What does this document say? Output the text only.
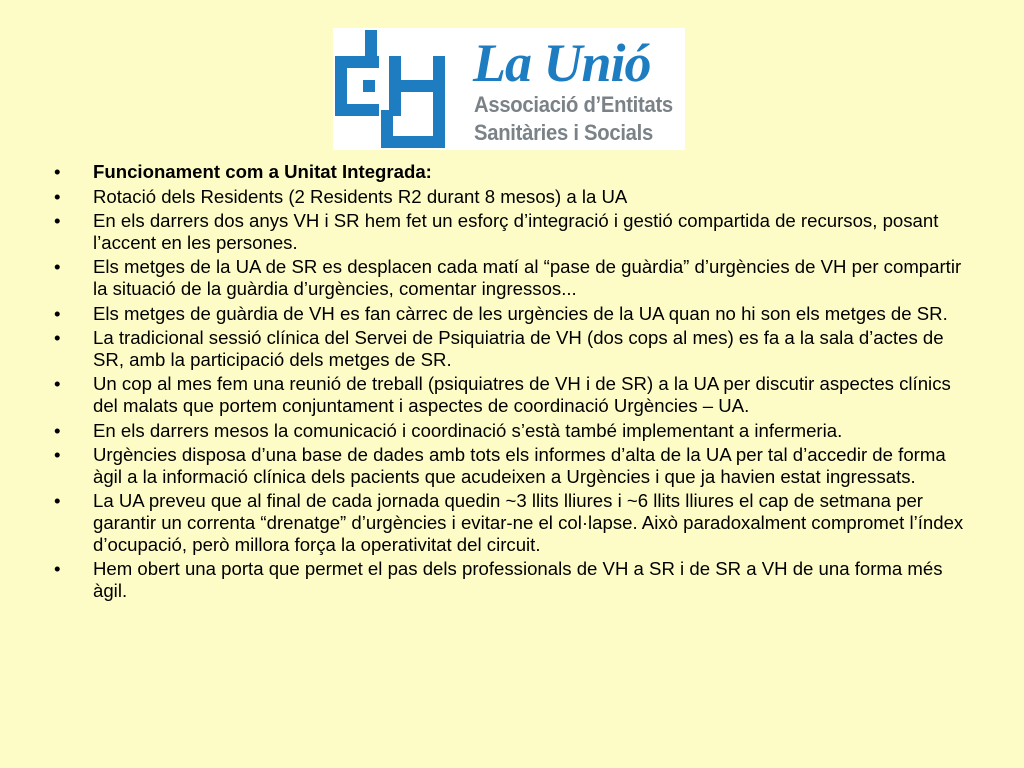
La Unió
Associació d’Entitats
Sanitàries i Socials
• Funcionament com a Unitat Integrada:
• Rotació dels Residents (2 Residents R2 durant 8 mesos) a la UA
• En els darrers dos anys VH i SR hem fet un esforç d’integració i gestió compartida de recursos, posant l’accent en les persones.
• Els metges de la UA de SR es desplacen cada matí al “pase de guàrdia” d’urgències de VH per compartir la situació de la guàrdia d’urgències, comentar ingressos...
• Els metges de guàrdia de VH es fan càrrec de les urgències de la UA quan no hi son els metges de SR.
• La tradicional sessió clínica del Servei de Psiquiatria de VH (dos cops al mes) es fa a la sala d’actes de SR, amb la participació dels metges de SR.
• Un cop al mes fem una reunió de treball (psiquiatres de VH i de SR) a la UA per discutir aspectes clínics del malats que portem conjuntament i aspectes de coordinació Urgències – UA.
• En els darrers mesos la comunicació i coordinació s’està també implementant a infermeria.
• Urgències disposa d’una base de dades amb tots els informes d’alta de la UA per tal d’accedir de forma àgil a la informació clínica dels pacients que acudeixen a Urgències i que ja havien estat ingressats.
• La UA preveu que al final de cada jornada quedin ~3 llits lliures i ~6 llits lliures el cap de setmana per garantir un correnta “drenatge” d’urgències i evitar-ne el col·lapse. Això paradoxalment compromet l’índex d’ocupació, però millora força la operativitat del circuit.
• Hem obert una porta que permet el pas dels professionals de VH a SR i de SR a VH de una forma més àgil.
